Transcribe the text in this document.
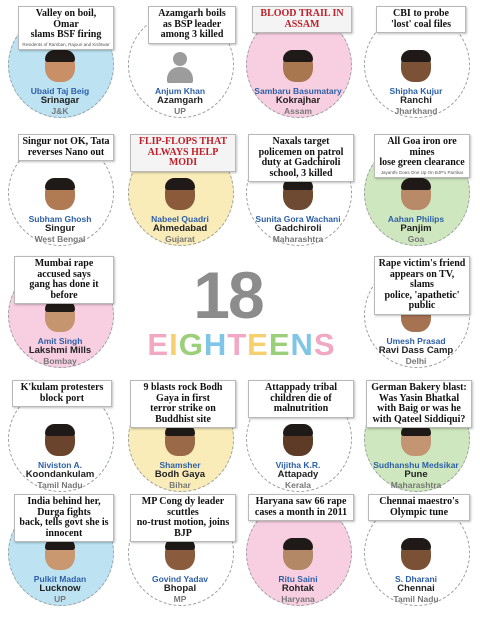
Valley on boil, Omar
slams BSF firing
Residents of Ramban, Rajouri and Kishtwar
Ubaid Taj Beig
Srinagar
J&K
Azamgarh boils
as BSP leader
among 3 killed
Anjum Khan
Azamgarh
UP
BLOOD TRAIL IN ASSAM
Sambaru Basumatary
Kokrajhar
Assam
CBI to probe
'lost' coal files
Shipha Kujur
Ranchi
Jharkhand
Singur not OK, Tata
reverses Nano out
Subham Ghosh
Singur
West Bengal
FLIP-FLOPS THAT ALWAYS HELP MODI
Nabeel Quadri
Ahmedabad
Gujarat
Naxals target policemen on patrol
duty at Gadchiroli school, 3 killed
Sunita Gora Wachani
Gadchiroli
Maharashtra
All Goa iron ore mines
lose green clearance
Jayanthi Goes One Up On BJP's Parrikar
Aahan Philips
Panjim
Goa
Mumbai rape accused says
gang has done it before
Amit Singh
Lakshmi Mills
Bombay
Rape victim's friend
appears on TV, slams
police, 'apathetic' public
Umesh Prasad
Ravi Dass Camp
Delhi
K'kulam protesters block port
Niviston A.
Koondankulam
Tamil Nadu
9 blasts rock Bodh Gaya in first
terror strike on Buddhist site
Shamsher
Bodh Gaya
Bihar
Attappady tribal children die of malnutrition
Vijitha K.R.
Attapady
Kerala
German Bakery blast: Was Yasin Bhatkal
with Baig or was he with Qateel Siddiqui?
Sudhanshu Medsikar
Pune
Maharashtra
India behind her, Durga fights
back, tells govt she is innocent
Pulkit Madan
Lucknow
UP
MP Cong dy leader scuttles
no-trust motion, joins BJP
Govind Yadav
Bhopal
MP
Haryana saw 66 rape cases a month in 2011
Ritu Saini
Rohtak
Haryana
Chennai maestro's
Olympic tune
S. Dharani
Chennai
Tamil Nadu
18
EIGHTEENS
